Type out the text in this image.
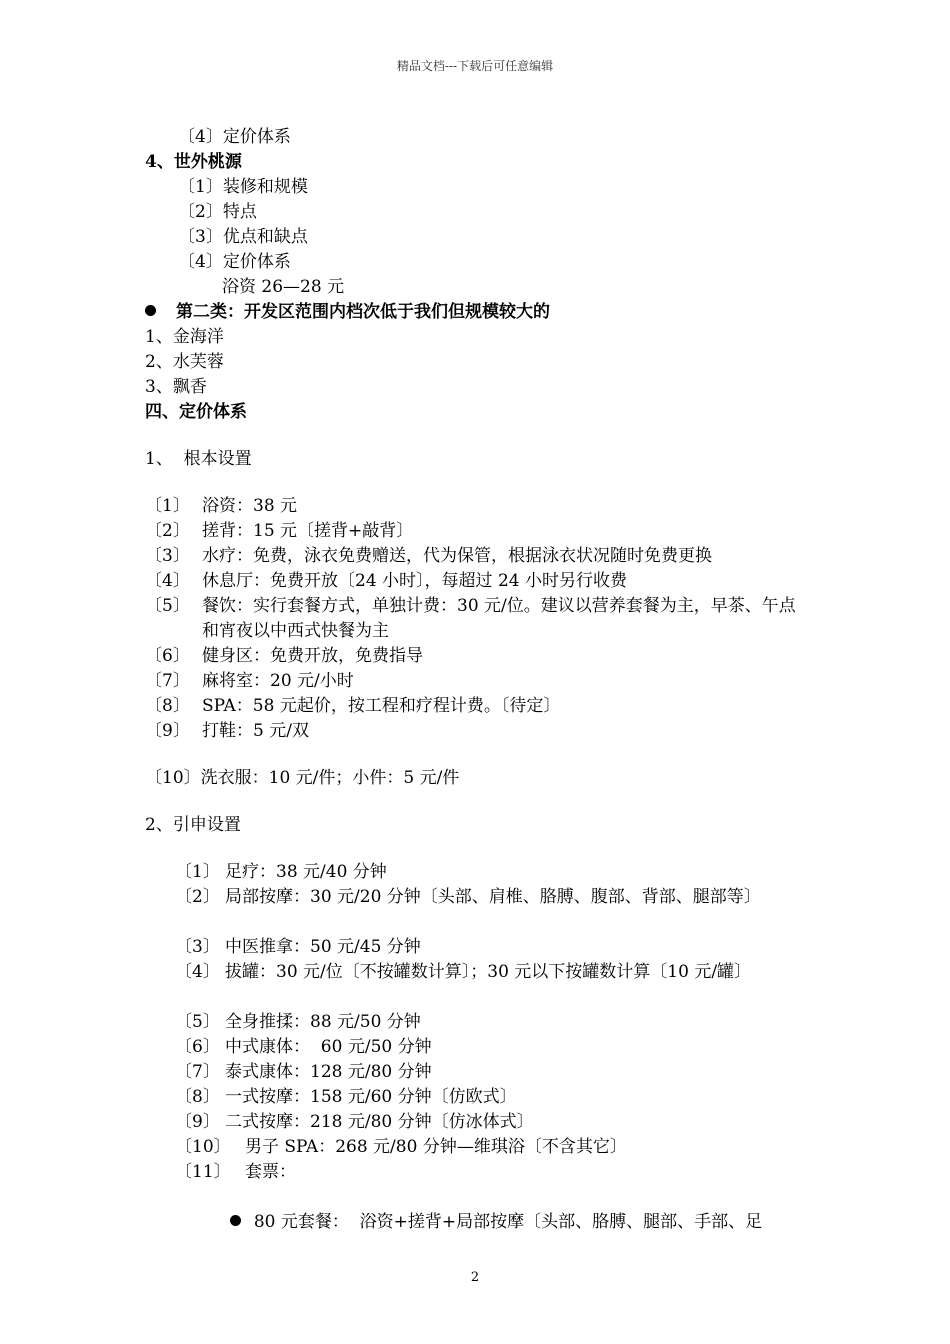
精品文档---下载后可任意编辑
〔4〕定价体系
4、世外桃源
〔1〕装修和规模
〔2〕特点
〔3〕优点和缺点
〔4〕定价体系
浴资 26—28 元
第二类：开发区范围内档次低于我们但规模较大的
1、金海洋
2、水芙蓉
3、飘香
四、定价体系
1、  根本设置
〔1〕 浴资：38 元
〔2〕 搓背：15 元〔搓背+敲背〕
〔3〕 水疗：免费，泳衣免费赠送，代为保管，根据泳衣状况随时免费更换
〔4〕 休息厅：免费开放〔24 小时〕，每超过 24 小时另行收费
〔5〕 餐饮：实行套餐方式，单独计费：30 元/位。建议以营养套餐为主，早茶、午点和宵夜以中西式快餐为主
〔6〕 健身区：免费开放，免费指导
〔7〕 麻将室：20 元/小时
〔8〕 SPA：58 元起价，按工程和疗程计费。〔待定〕
〔9〕 打鞋：5 元/双
〔10〕洗衣服：10 元/件；小件：5 元/件
2、引申设置
〔1〕 足疗：38 元/40 分钟
〔2〕 局部按摩：30 元/20 分钟〔头部、肩椎、胳膊、腹部、背部、腿部等〕
〔3〕 中医推拿：50 元/45 分钟
〔4〕 拔罐：30 元/位〔不按罐数计算〕；30 元以下按罐数计算〔10 元/罐〕
〔5〕 全身推揉：88 元/50 分钟
〔6〕 中式康体：  60 元/50 分钟
〔7〕 泰式康体：128 元/80 分钟
〔8〕 一式按摩：158 元/60 分钟〔仿欧式〕
〔9〕 二式按摩：218 元/80 分钟〔仿冰体式〕
〔10〕 男子 SPA：268 元/80 分钟—维琪浴〔不含其它〕
〔11〕 套票：

80 元套餐：  浴资+搓背+局部按摩〔头部、胳膊、腿部、手部、足

2
